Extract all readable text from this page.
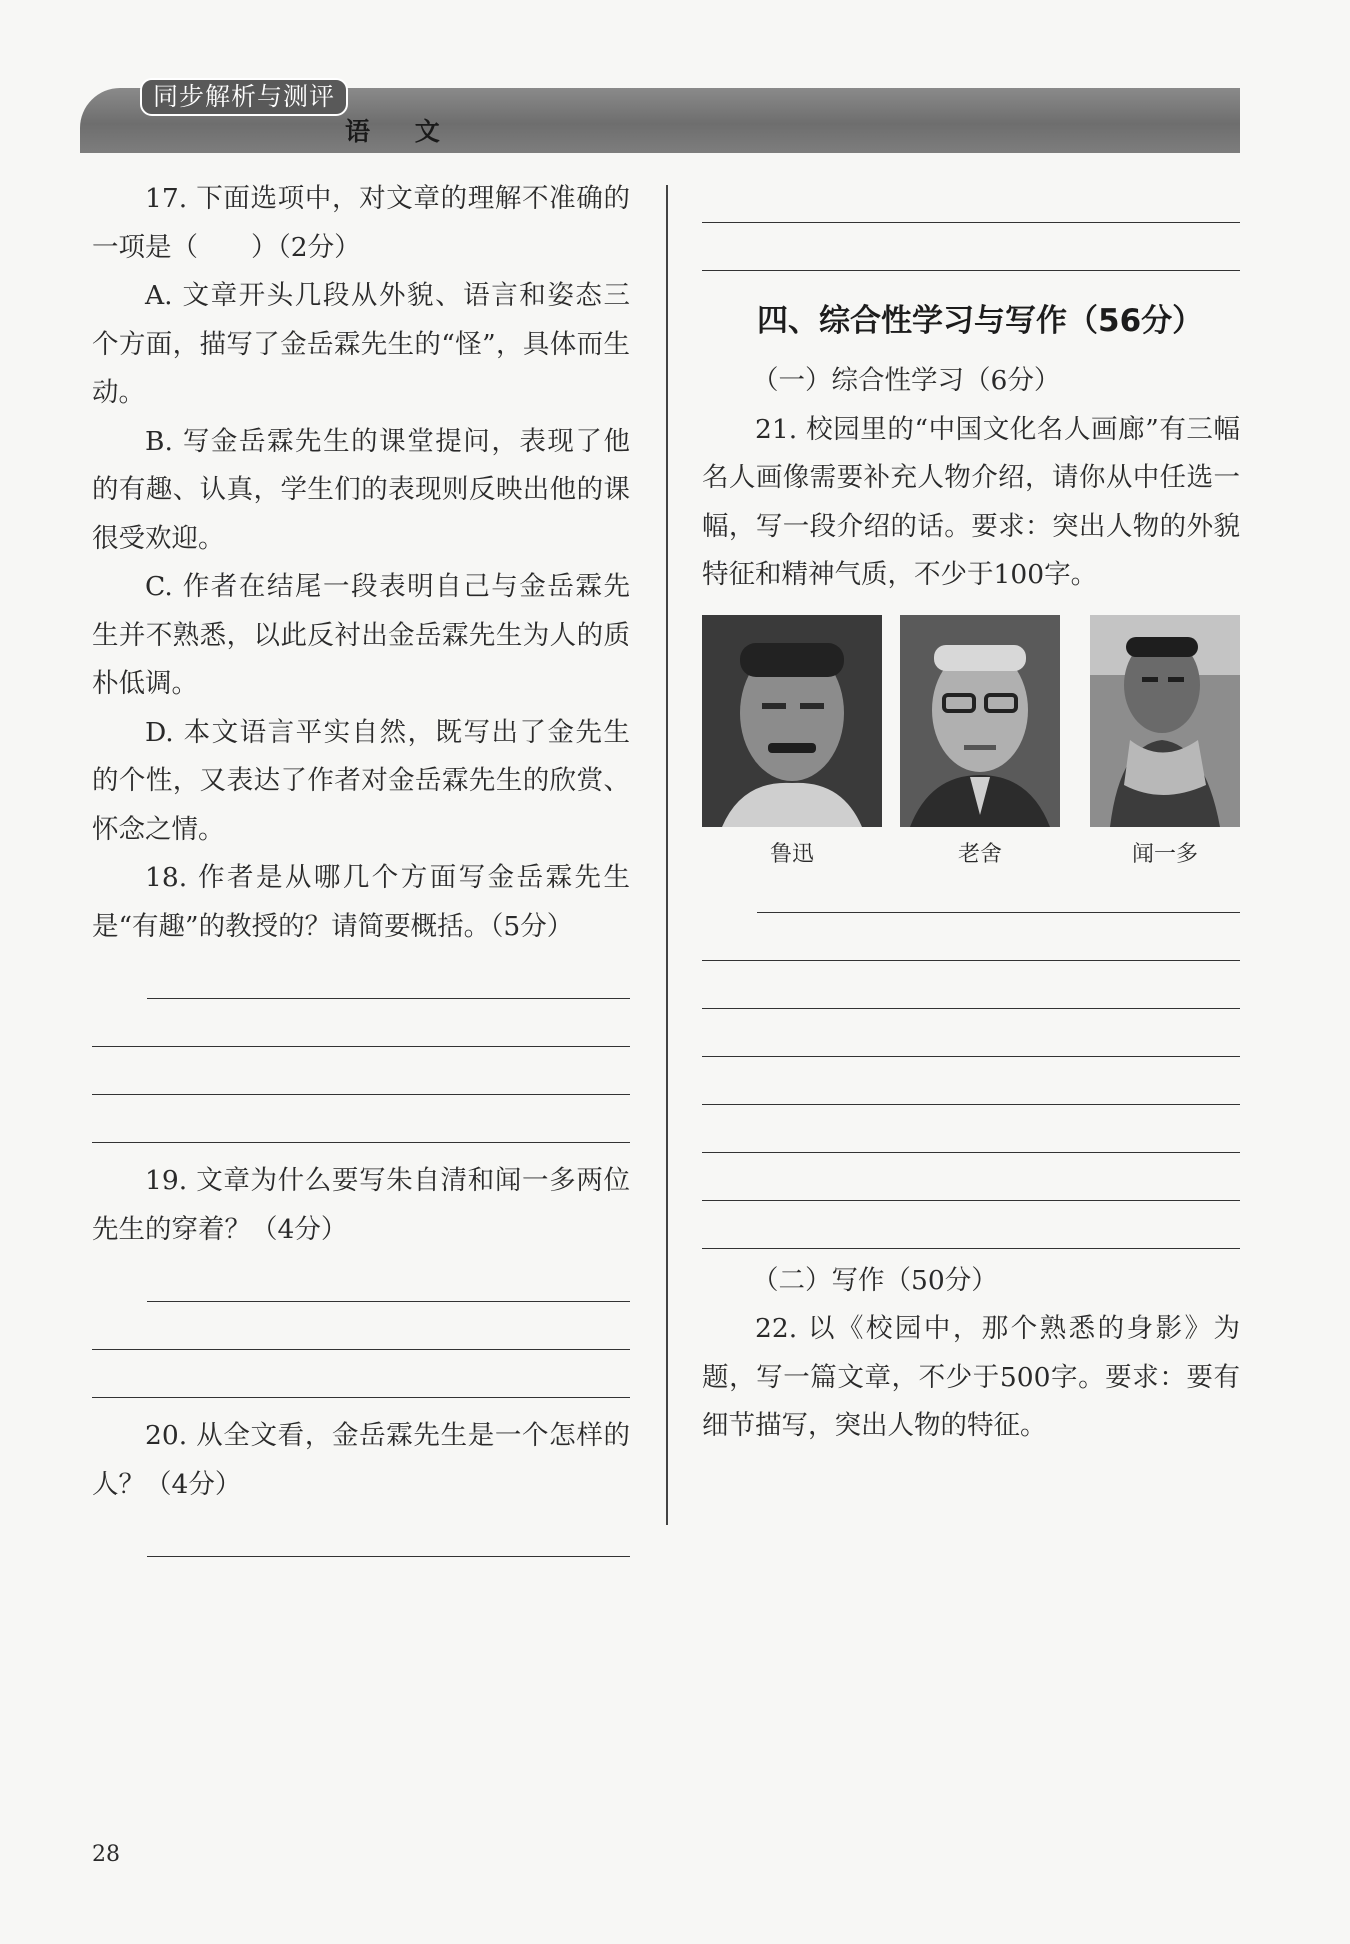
同步解析与测评
语 文

17. 下面选项中，对文章的理解不准确的一项是（　　）（2分）

A. 文章开头几段从外貌、语言和姿态三个方面，描写了金岳霖先生的“怪”，具体而生动。

B. 写金岳霖先生的课堂提问，表现了他的有趣、认真，学生们的表现则反映出他的课很受欢迎。

C. 作者在结尾一段表明自己与金岳霖先生并不熟悉，以此反衬出金岳霖先生为人的质朴低调。

D. 本文语言平实自然，既写出了金先生的个性，又表达了作者对金岳霖先生的欣赏、怀念之情。

18. 作者是从哪几个方面写金岳霖先生是“有趣”的教授的？请简要概括。（5分）

19. 文章为什么要写朱自清和闻一多两位先生的穿着？（4分）

20. 从全文看，金岳霖先生是一个怎样的人？（4分）

四、综合性学习与写作（56分）

（一）综合性学习（6分）

21. 校园里的“中国文化名人画廊”有三幅名人画像需要补充人物介绍，请你从中任选一幅，写一段介绍的话。要求：突出人物的外貌特征和精神气质，不少于100字。

鲁迅	老舍	闻一多

（二）写作（50分）

22. 以《校园中，那个熟悉的身影》为题，写一篇文章，不少于500字。要求：要有细节描写，突出人物的特征。

28
